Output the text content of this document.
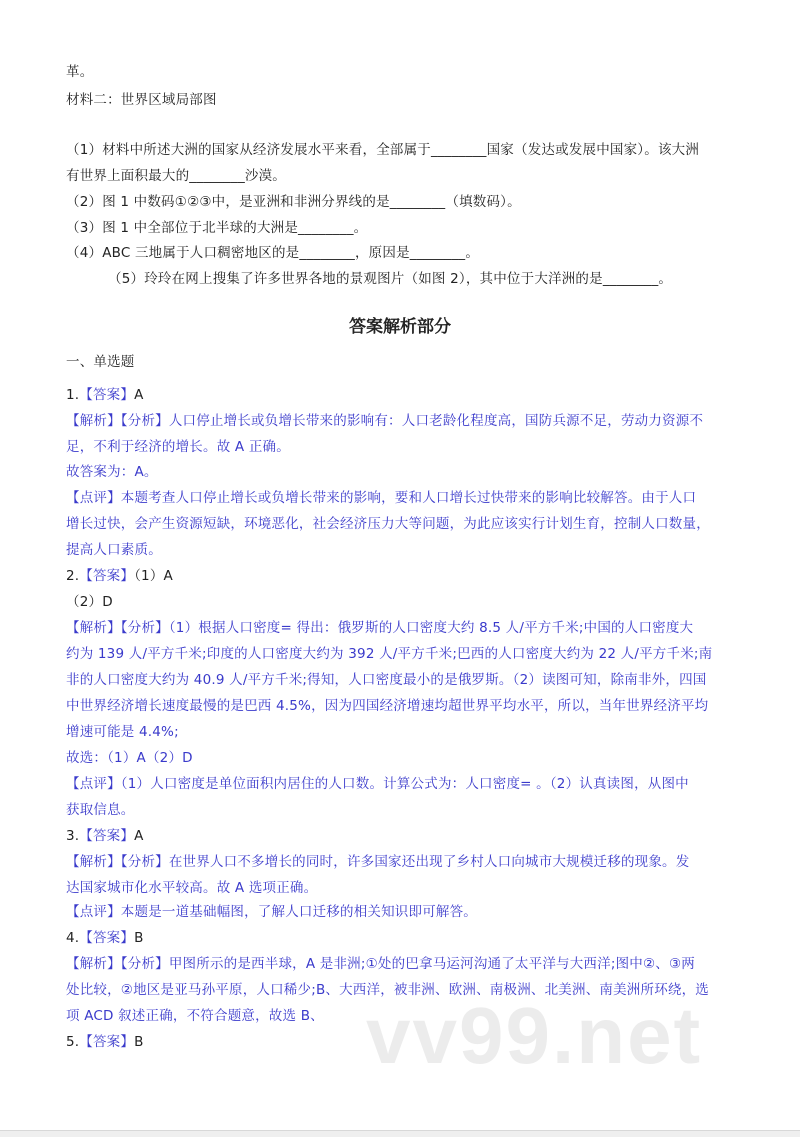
革。
材料二：世界区域局部图
（1）材料中所述大洲的国家从经济发展水平来看，全部属于________国家（发达或发展中国家）。该大洲
有世界上面积最大的________沙漠。
（2）图 1 中数码①②③中，是亚洲和非洲分界线的是________（填数码）。
（3）图 1 中全部位于北半球的大洲是________。
（4）ABC 三地属于人口稠密地区的是________，原因是________。
（5）玲玲在网上搜集了许多世界各地的景观图片（如图 2），其中位于大洋洲的是________。
答案解析部分
一、单选题
1.【答案】A
【解析】【分析】人口停止增长或负增长带来的影响有：人口老龄化程度高，国防兵源不足，劳动力资源不
足，不利于经济的增长。故 A 正确。
故答案为：A。
【点评】本题考查人口停止增长或负增长带来的影响，要和人口增长过快带来的影响比较解答。由于人口
增长过快，会产生资源短缺，环境恶化，社会经济压力大等问题，为此应该实行计划生育，控制人口数量，
提高人口素质。
2.【答案】（1）A
（2）D
【解析】【分析】（1）根据人口密度= 得出：俄罗斯的人口密度大约 8.5 人/平方千米;中国的人口密度大
约为 139 人/平方千米;印度的人口密度大约为 392 人/平方千米;巴西的人口密度大约为 22 人/平方千米;南
非的人口密度大约为 40.9 人/平方千米;得知，人口密度最小的是俄罗斯。（2）读图可知，除南非外，四国
中世界经济增长速度最慢的是巴西 4.5%，因为四国经济增速均超世界平均水平，所以，当年世界经济平均
增速可能是 4.4%;
故选：（1）A（2）D
【点评】（1）人口密度是单位面积内居住的人口数。计算公式为：人口密度= 。（2）认真读图，从图中
获取信息。
3.【答案】A
【解析】【分析】在世界人口不多增长的同时，许多国家还出现了乡村人口向城市大规模迁移的现象。发
达国家城市化水平较高。故 A 选项正确。
【点评】本题是一道基础幅图，了解人口迁移的相关知识即可解答。
4.【答案】B
【解析】【分析】甲图所示的是西半球，A 是非洲;①处的巴拿马运河沟通了太平洋与大西洋;图中②、③两
处比较，②地区是亚马孙平原，人口稀少;B、大西洋，被非洲、欧洲、南极洲、北美洲、南美洲所环绕，选
项 ACD 叙述正确，不符合题意，故选 B、 vv99.net
5.【答案】B
